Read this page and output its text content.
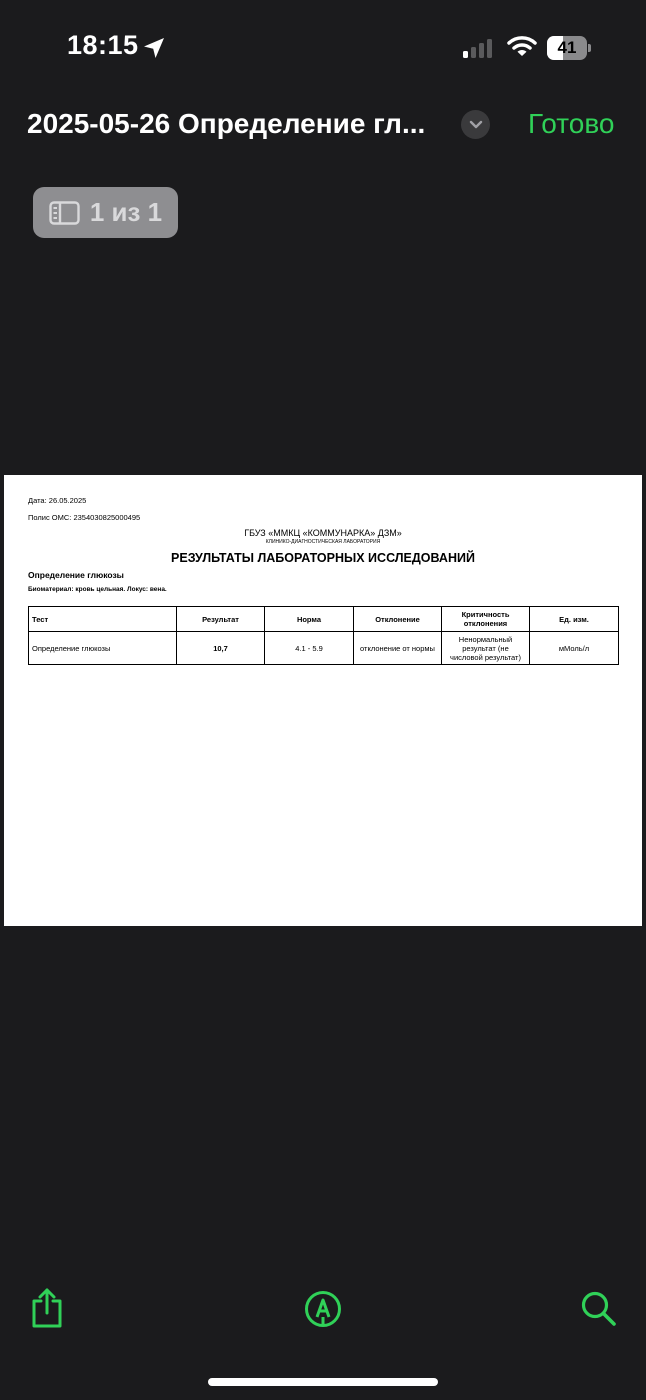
18:15	41
2025-05-26 Определение гл...	Готово
1 из 1
Дата: 26.05.2025
Полис ОМС: 2354030825000495
ГБУЗ «ММКЦ «КОММУНАРКА» ДЗМ»
КЛИНИКО-ДИАГНОСТИЧЕСКАЯ ЛАБОРАТОРИЯ
РЕЗУЛЬТАТЫ ЛАБОРАТОРНЫХ ИССЛЕДОВАНИЙ
Определение глюкозы
Биоматериал: кровь цельная. Локус: вена.
Тест	Результат	Норма	Отклонение	Критичность отклонения	Ед. изм.
Определение глюкозы	10,7	4.1 - 5.9	отклонение от нормы	Ненормальный результат (не числовой результат)	мМоль/л
